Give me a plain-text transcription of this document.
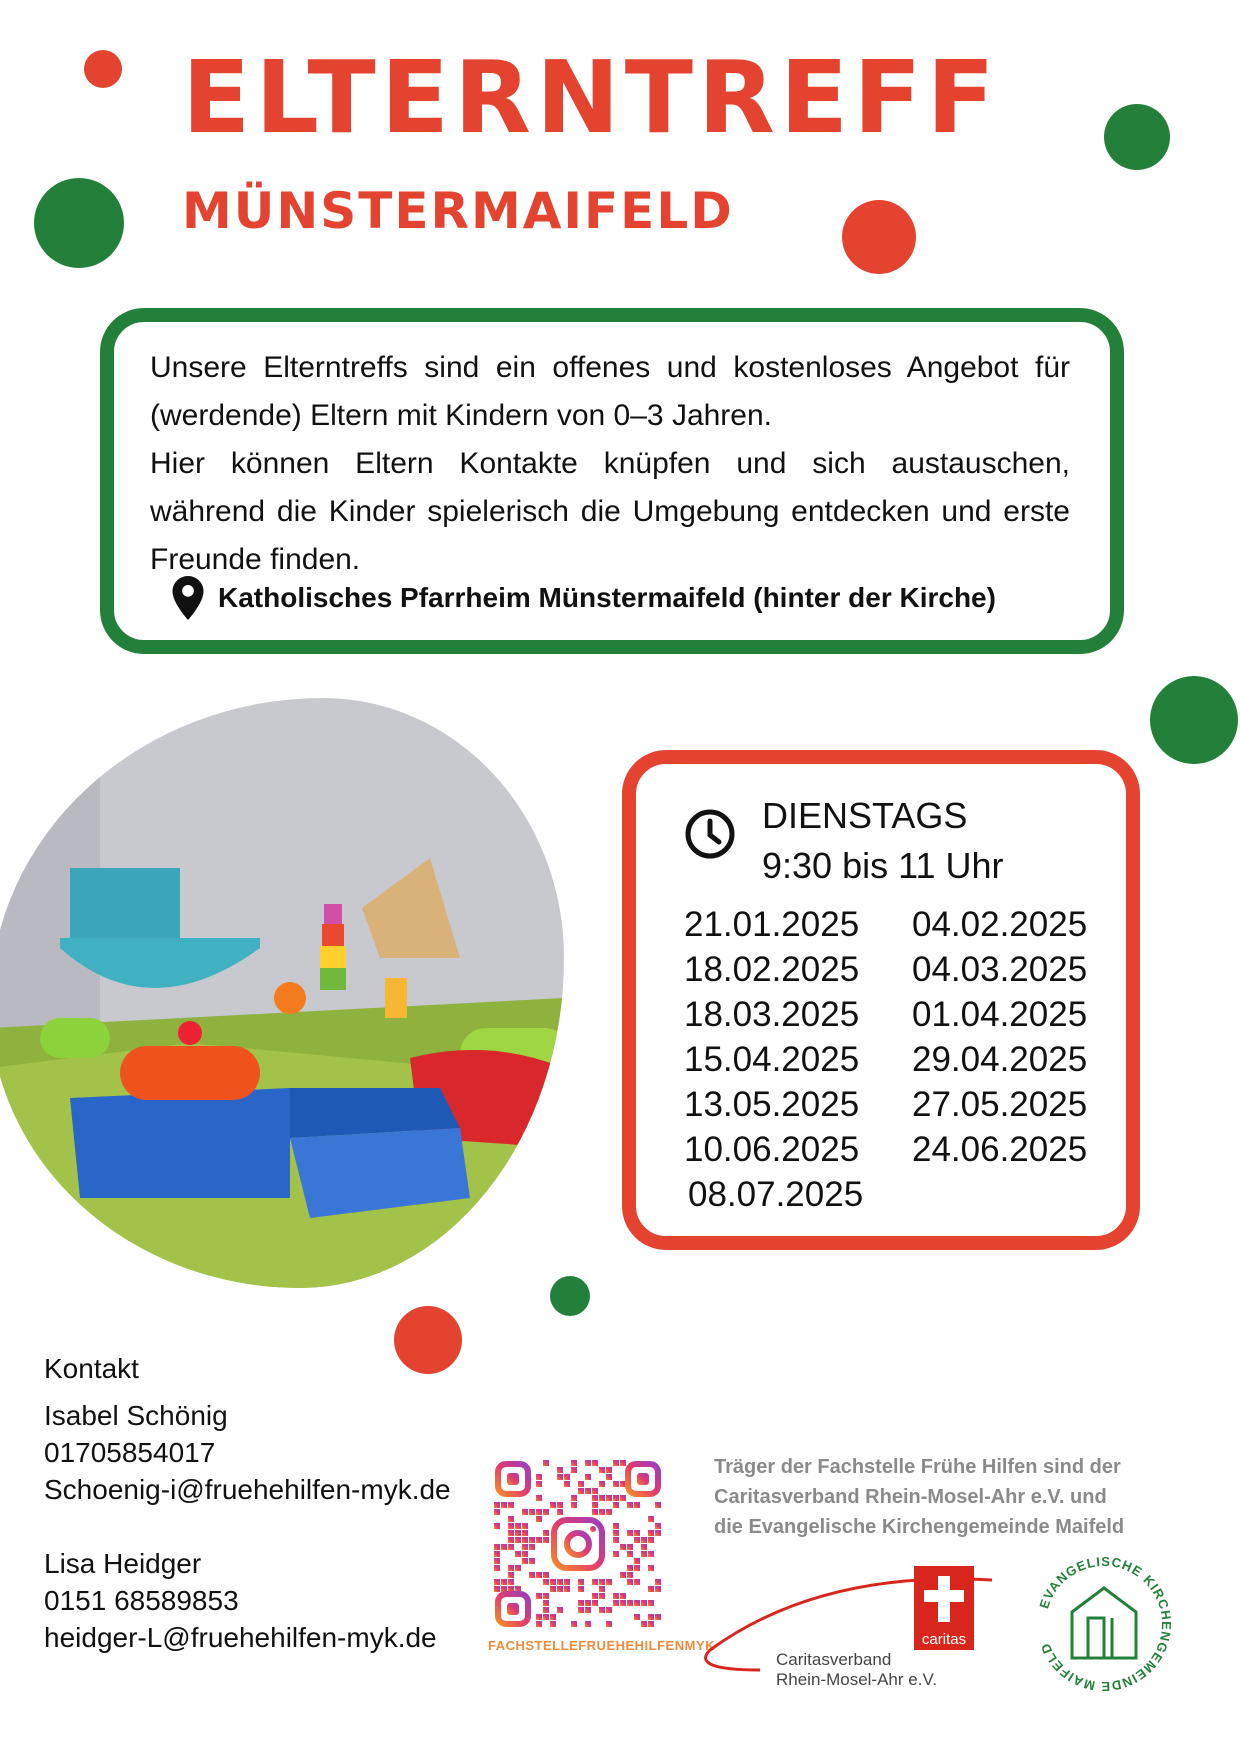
ELTERNTREFF
MÜNSTERMAIFELD

Unsere Elterntreffs sind ein offenes und kostenloses Angebot für (werdende) Eltern mit Kindern von 0–3 Jahren.

Hier können Eltern Kontakte knüpfen und sich austauschen, während die Kinder spielerisch die Umgebung entdecken und erste Freunde finden.

Katholisches Pfarrheim Münstermaifeld (hinter der Kirche)
DIENSTAGS
9:30 bis 11 Uhr
21.01.2025	04.02.2025
18.02.2025	04.03.2025
18.03.2025	01.04.2025
15.04.2025	29.04.2025
13.05.2025	27.05.2025
10.06.2025	24.06.2025
08.07.2025
Kontakt
Isabel Schönig
01705854017
Schoenig-i@fruehehilfen-myk.de
Lisa Heidger
0151 68589853
heidger-L@fruehehilfen-myk.de	FACHSTELLEFRUEHEHILFENMYK
Träger der Fachstelle Frühe Hilfen sind der
Caritasverband Rhein-Mosel-Ahr e.V. und
die Evangelische Kirchengemeinde Maifeld
caritas
Caritasverband
Rhein-Mosel-Ahr e.V.
EVANGELISCHE KIRCHENGEMEINDE MAIFELD
